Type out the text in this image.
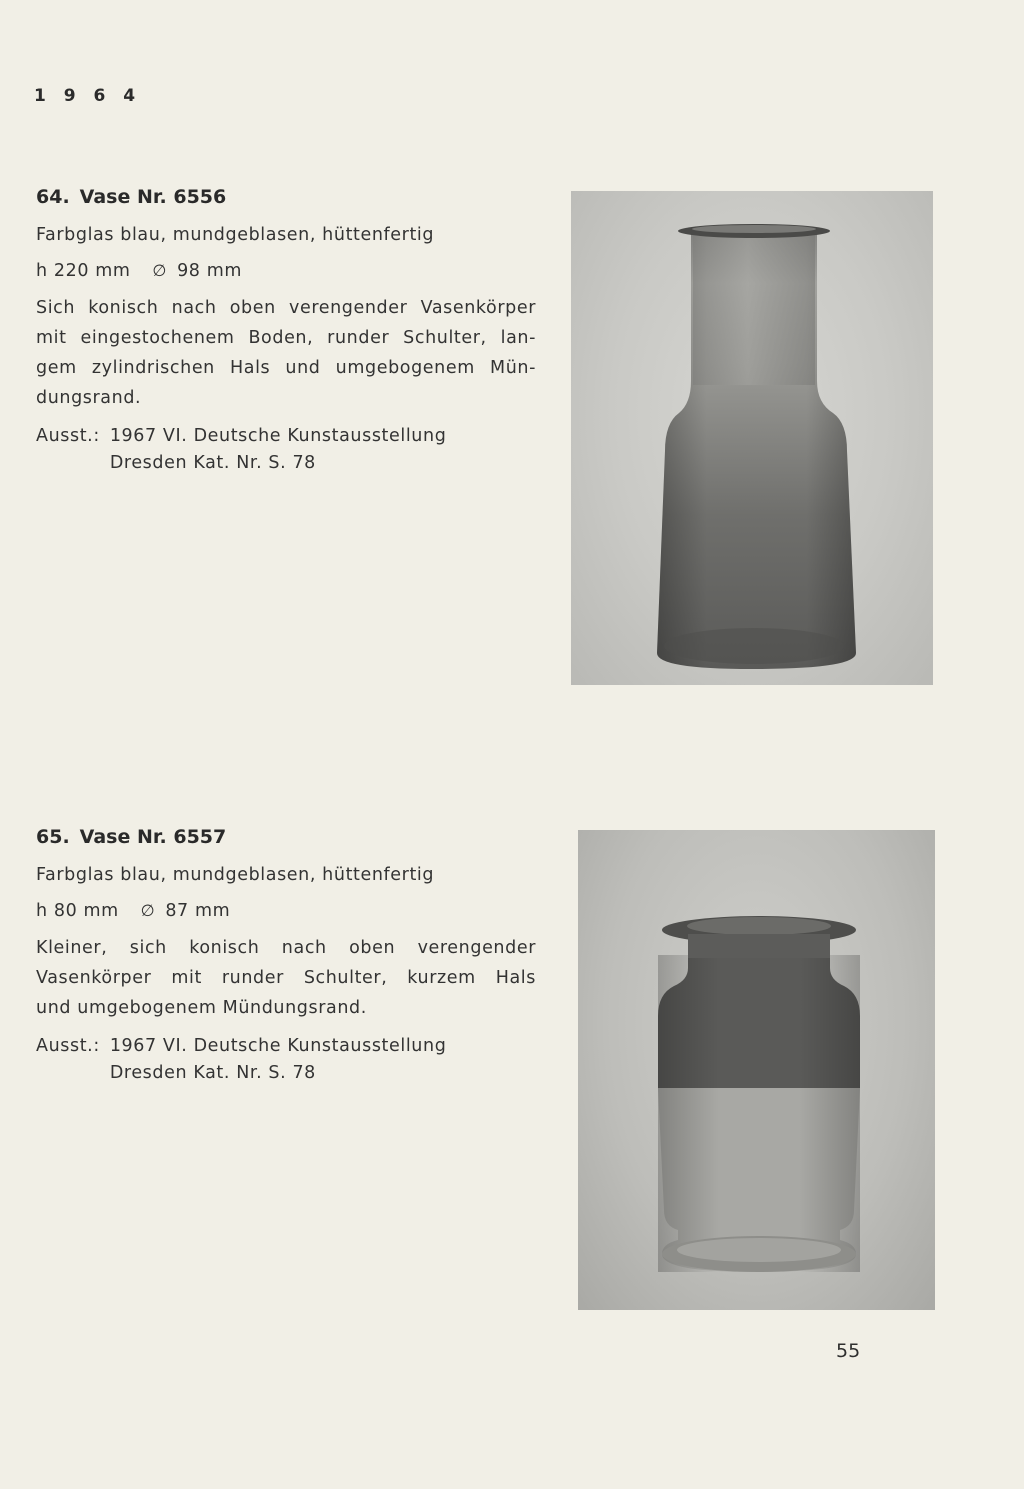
1 9 6 4
64. Vase Nr. 6556
Farbglas blau, mundgeblasen, hüttenfertig
h 220 mm ∅ 98 mm
Sich konisch nach oben verengender Vasenkörper
mit eingestochenem Boden, runder Schulter, lan-
gem zylindrischen Hals und umgebogenem Mün-
dungsrand.
Ausst.: 1967 VI. Deutsche Kunstausstellung
Dresden Kat. Nr. S. 78
65. Vase Nr. 6557
Farbglas blau, mundgeblasen, hüttenfertig
h 80 mm ∅ 87 mm
Kleiner, sich konisch nach oben verengender
Vasenkörper mit runder Schulter, kurzem Hals
und umgebogenem Mündungsrand.
Ausst.: 1967 VI. Deutsche Kunstausstellung
Dresden Kat. Nr. S. 78
55
